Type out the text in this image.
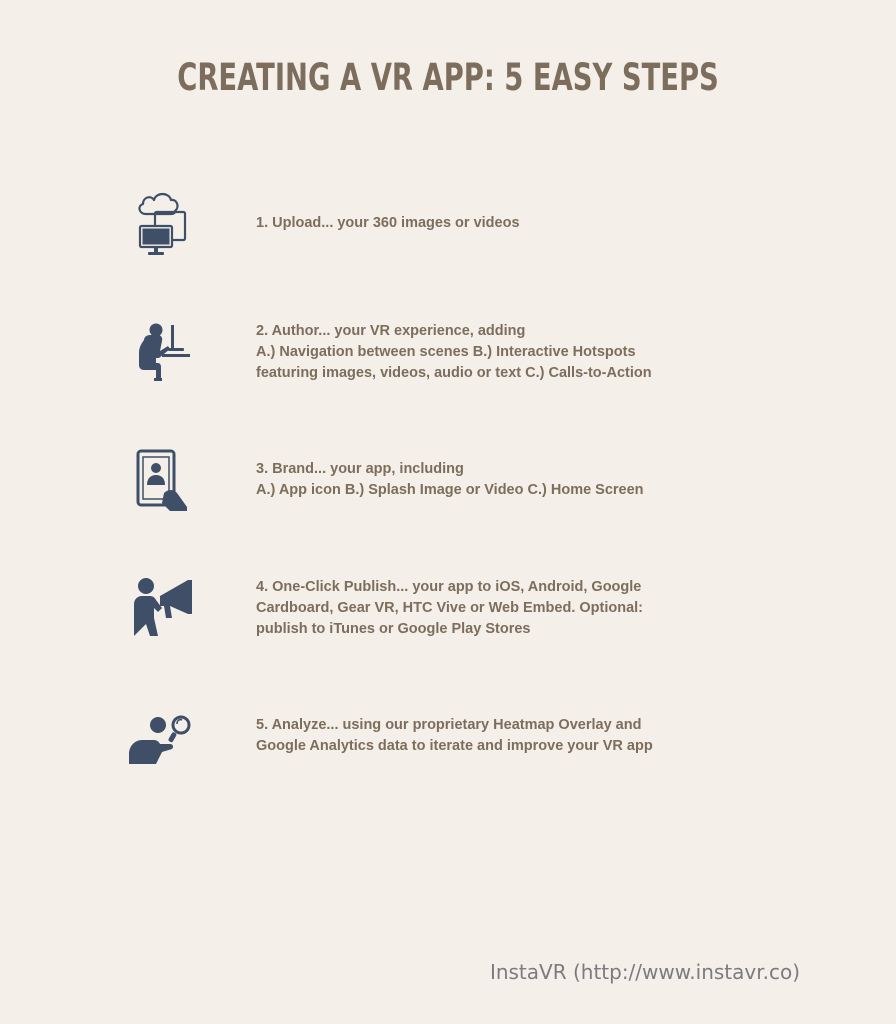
CREATING A VR APP: 5 EASY STEPS
1. Upload... your 360 images or videos
2. Author... your VR experience, adding
A.) Navigation between scenes B.) Interactive Hotspots
featuring images, videos, audio or text C.) Calls-to-Action
3. Brand... your app, including
A.) App icon B.) Splash Image or Video C.) Home Screen
4. One-Click Publish... your app to iOS, Android, Google
Cardboard, Gear VR, HTC Vive or Web Embed. Optional:
publish to iTunes or Google Play Stores
5. Analyze... using our proprietary Heatmap Overlay and
Google Analytics data to iterate and improve your VR app
InstaVR (http://www.instavr.co)
